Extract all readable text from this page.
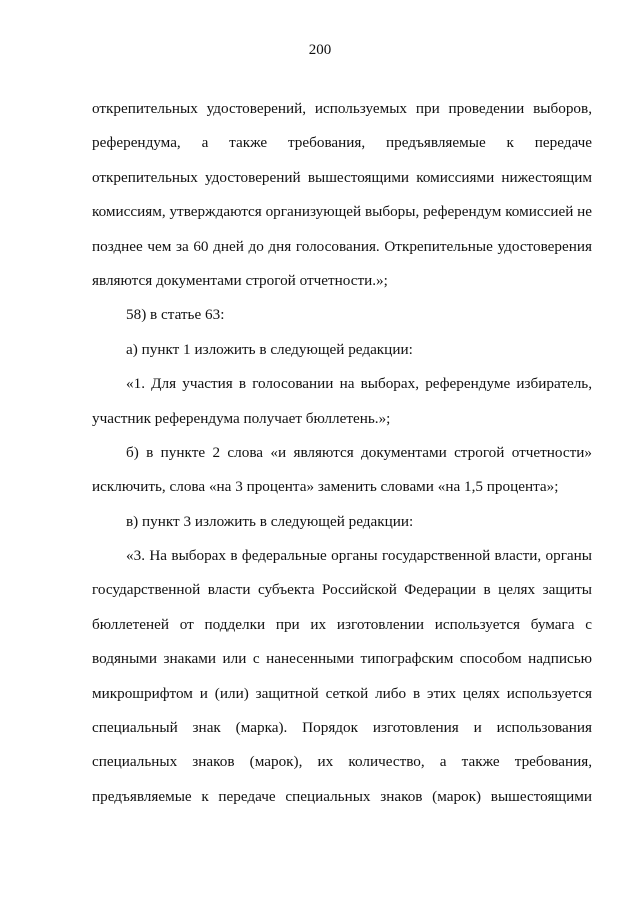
200
открепительных удостоверений, используемых при проведении выборов,
референдума, а также требования, предъявляемые к передаче
открепительных удостоверений вышестоящими комиссиями нижестоящим
комиссиям, утверждаются организующей выборы, референдум комиссией не
позднее чем за 60 дней до дня голосования. Открепительные удостоверения
являются документами строгой отчетности.»;
58) в статье 63:
а) пункт 1 изложить в следующей редакции:
«1. Для участия в голосовании на выборах, референдуме избиратель,
участник референдума получает бюллетень.»;
б) в пункте 2 слова «и являются документами строгой отчетности»
исключить, слова «на 3 процента» заменить словами «на 1,5 процента»;
в) пункт 3 изложить в следующей редакции:
«3. На выборах в федеральные органы государственной власти, органы
государственной власти субъекта Российской Федерации в целях защиты
бюллетеней от подделки при их изготовлении используется бумага с
водяными знаками или с нанесенными типографским способом надписью
микрошрифтом и (или) защитной сеткой либо в этих целях используется
специальный знак (марка). Порядок изготовления и использования
специальных знаков (марок), их количество, а также требования,
предъявляемые к передаче специальных знаков (марок) вышестоящими
